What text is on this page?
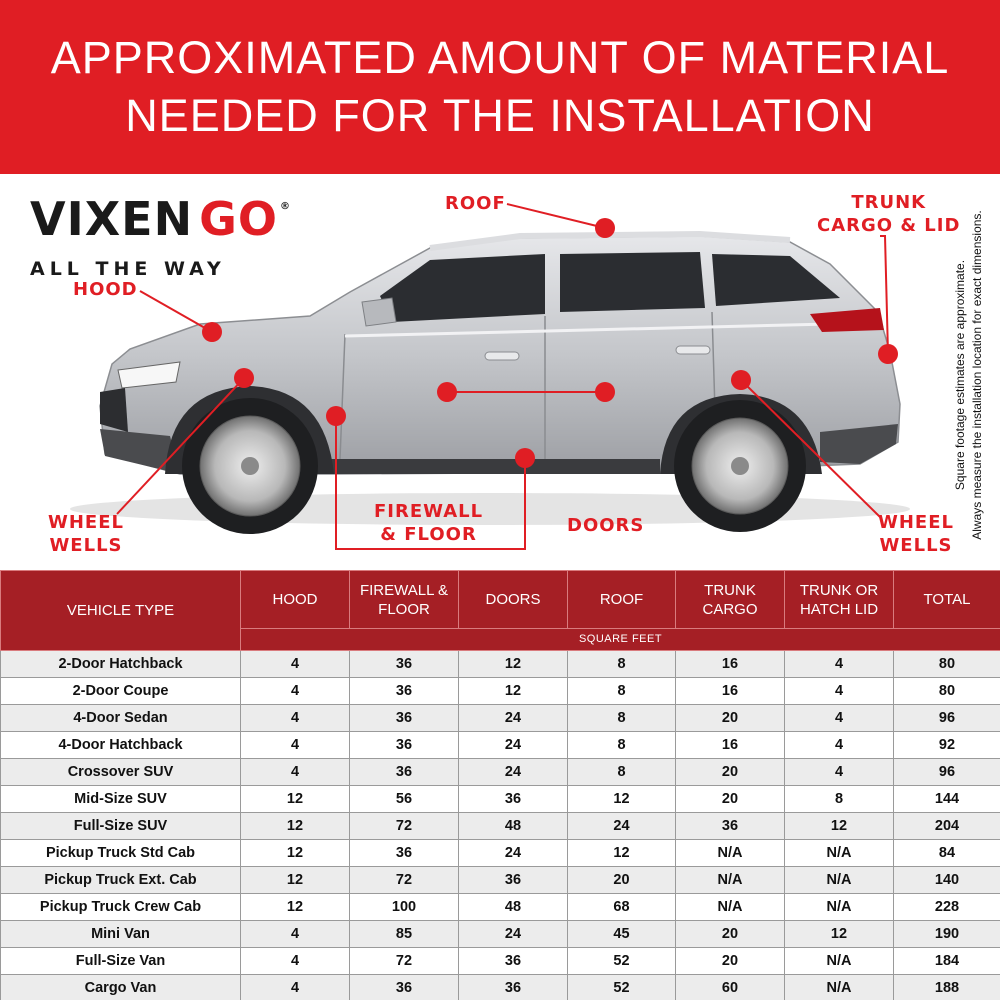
APPROXIMATED AMOUNT OF MATERIAL
NEEDED FOR THE INSTALLATION
VIXEN GO ®
ALL THE WAY
ROOF	TRUNK
CARGO & LID
HOOD
WHEEL
WELLS
FIREWALL
& FLOOR	DOORS	WHEEL
WELLS
Square footage estimates are approximate. Always measure the installation location for exact dimensions.
VEHICLE TYPE	HOOD	FIREWALL & FLOOR	DOORS	ROOF	TRUNK CARGO	TRUNK OR HATCH LID	TOTAL
	SQUARE FEET						
2-Door Hatchback	4	36	12	8	16	4	80
2-Door Coupe	4	36	12	8	16	4	80
4-Door Sedan	4	36	24	8	20	4	96
4-Door Hatchback	4	36	24	8	16	4	92
Crossover SUV	4	36	24	8	20	4	96
Mid-Size SUV	12	56	36	12	20	8	144
Full-Size SUV	12	72	48	24	36	12	204
Pickup Truck Std Cab	12	36	24	12	N/A	N/A	84
Pickup Truck Ext. Cab	12	72	36	20	N/A	N/A	140
Pickup Truck Crew Cab	12	100	48	68	N/A	N/A	228
Mini Van	4	85	24	45	20	12	190
Full-Size Van	4	72	36	52	20	N/A	184
Cargo Van	4	36	36	52	60	N/A	188
